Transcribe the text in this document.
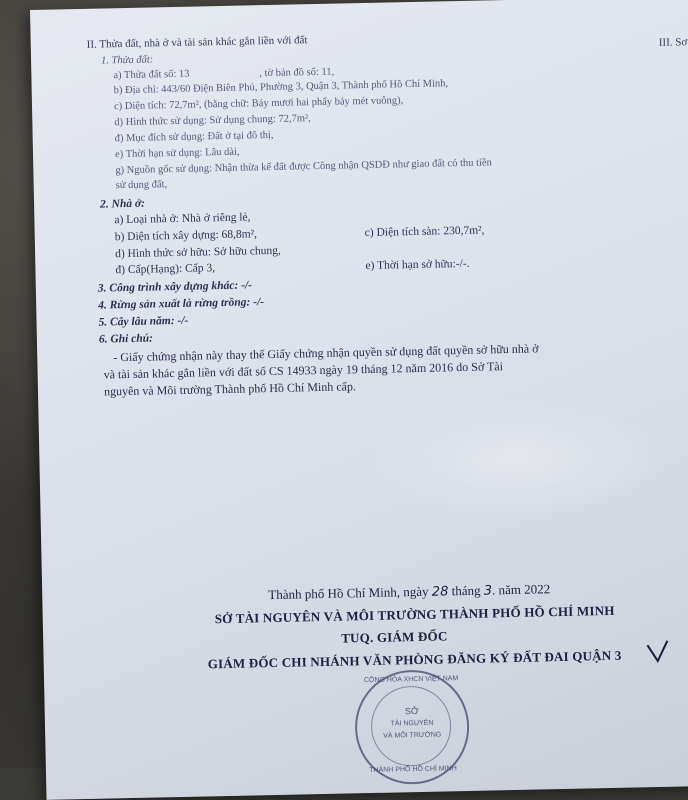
II. Thửa đất, nhà ở và tài sản khác gắn liền với đất	III. Sơ
1. Thửa đất:
a) Thửa đất số: 13	, tờ bản đồ số: 11,
b) Địa chỉ: 443/60 Điện Biên Phủ, Phường 3, Quận 3, Thành phố Hồ Chí Minh,
c) Diện tích: 72,7m², (bằng chữ: Bảy mươi hai phẩy bảy mét vuông),
d) Hình thức sử dụng: Sử dụng chung: 72,7m²,
đ) Mục đích sử dụng: Đất ở tại đô thị,
e) Thời hạn sử dụng: Lâu dài,
g) Nguồn gốc sử dụng: Nhận thừa kế đất được Công nhận QSDĐ như giao đất có thu tiền
sử dụng đất,
2. Nhà ở:
a) Loại nhà ở: Nhà ở riêng lẻ,
b) Diện tích xây dựng: 68,8m²,	c) Diện tích sàn: 230,7m²,
d) Hình thức sở hữu: Sở hữu chung,
đ) Cấp(Hạng): Cấp 3,	e) Thời hạn sở hữu:-/-.
3. Công trình xây dựng khác: -/-
4. Rừng sản xuất là rừng trồng: -/-
5. Cây lâu năm: -/-
6. Ghi chú:
- Giấy chứng nhận này thay thế Giấy chứng nhận quyền sử dụng đất quyền sở hữu nhà ở
và tài sản khác gắn liền với đất số CS 14933 ngày 19 tháng 12 năm 2016 do Sở Tài
nguyên và Môi trường Thành phố Hồ Chí Minh cấp.
Thành phố Hồ Chí Minh, ngày 28 tháng 3. năm 2022
SỞ TÀI NGUYÊN VÀ MÔI TRƯỜNG THÀNH PHỐ HỒ CHÍ MINH
TUQ. GIÁM ĐỐC
GIÁM ĐỐC CHI NHÁNH VĂN PHÒNG ĐĂNG KÝ ĐẤT ĐAI QUẬN 3
CỘNG HÒA XHCN VIỆT NAM
SỞ
TÀI NGUYÊN
VÀ MÔI TRƯỜNG
THÀNH PHỐ HỒ CHÍ MINH
